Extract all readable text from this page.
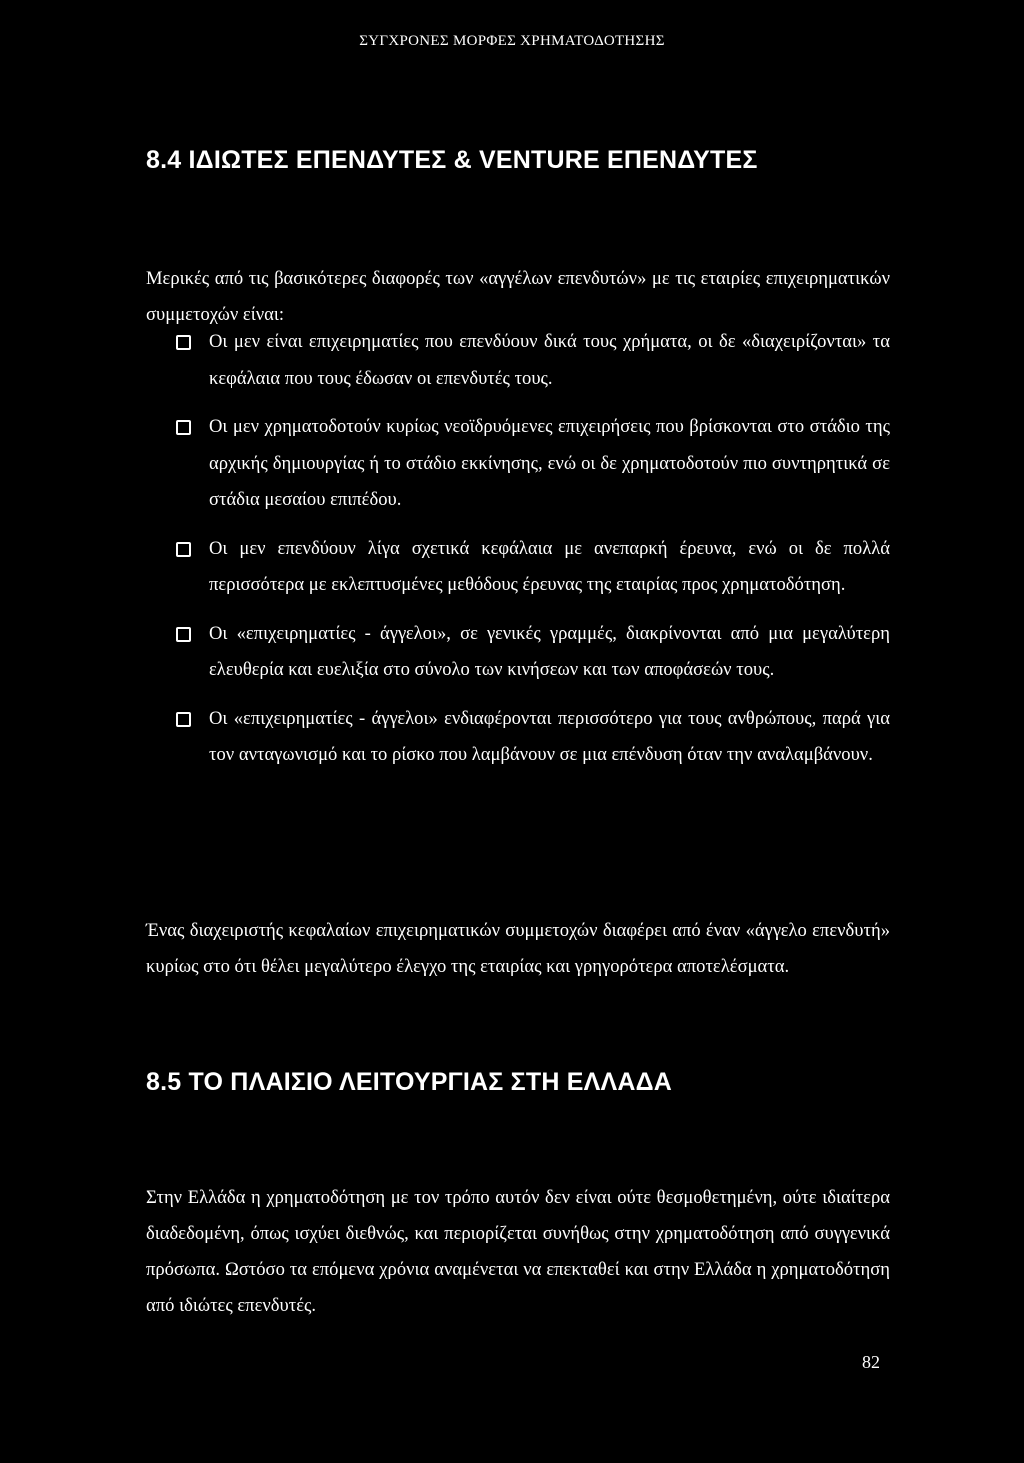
ΣΥΓΧΡΟΝΕΣ ΜΟΡΦΕΣ ΧΡΗΜΑΤΟΔΟΤΗΣΗΣ
8.4 ΙΔΙΩΤΕΣ ΕΠΕΝΔΥΤΕΣ & VENTURE ΕΠΕΝΔΥΤΕΣ

Μερικές από τις βασικότερες διαφορές των «αγγέλων επενδυτών» με τις εταιρίες επιχειρηματικών συμμετοχών είναι:

Οι μεν είναι επιχειρηματίες που επενδύουν δικά τους χρήματα, οι δε «διαχειρίζονται» τα κεφάλαια που τους έδωσαν οι επενδυτές τους.
Οι μεν χρηματοδοτούν κυρίως νεοϊδρυόμενες επιχειρήσεις που βρίσκονται στο στάδιο της αρχικής δημιουργίας ή το στάδιο εκκίνησης, ενώ οι δε χρηματοδοτούν πιο συντηρητικά σε στάδια μεσαίου επιπέδου.
Οι μεν επενδύουν λίγα σχετικά κεφάλαια με ανεπαρκή έρευνα, ενώ οι δε πολλά περισσότερα με εκλεπτυσμένες μεθόδους έρευνας της εταιρίας προς χρηματοδότηση.
Οι «επιχειρηματίες - άγγελοι», σε γενικές γραμμές, διακρίνονται από μια μεγαλύτερη ελευθερία και ευελιξία στο σύνολο των κινήσεων και των αποφάσεών τους.
Οι «επιχειρηματίες - άγγελοι» ενδιαφέρονται περισσότερο για τους ανθρώπους, παρά για τον ανταγωνισμό και το ρίσκο που λαμβάνουν σε μια επένδυση όταν την αναλαμβάνουν.

Ένας διαχειριστής κεφαλαίων επιχειρηματικών συμμετοχών διαφέρει από έναν «άγγελο επενδυτή» κυρίως στο ότι θέλει μεγαλύτερο έλεγχο της εταιρίας και γρηγορότερα αποτελέσματα.

8.5 ΤΟ ΠΛΑΙΣΙΟ ΛΕΙΤΟΥΡΓΙΑΣ ΣΤΗ ΕΛΛΑΔΑ

Στην Ελλάδα η χρηματοδότηση με τον τρόπο αυτόν δεν είναι ούτε θεσμοθετημένη, ούτε ιδιαίτερα διαδεδομένη, όπως ισχύει διεθνώς, και περιορίζεται συνήθως στην χρηματοδότηση από συγγενικά πρόσωπα. Ωστόσο τα επόμενα χρόνια αναμένεται να επεκταθεί και στην Ελλάδα η χρηματοδότηση από ιδιώτες επενδυτές.

82
